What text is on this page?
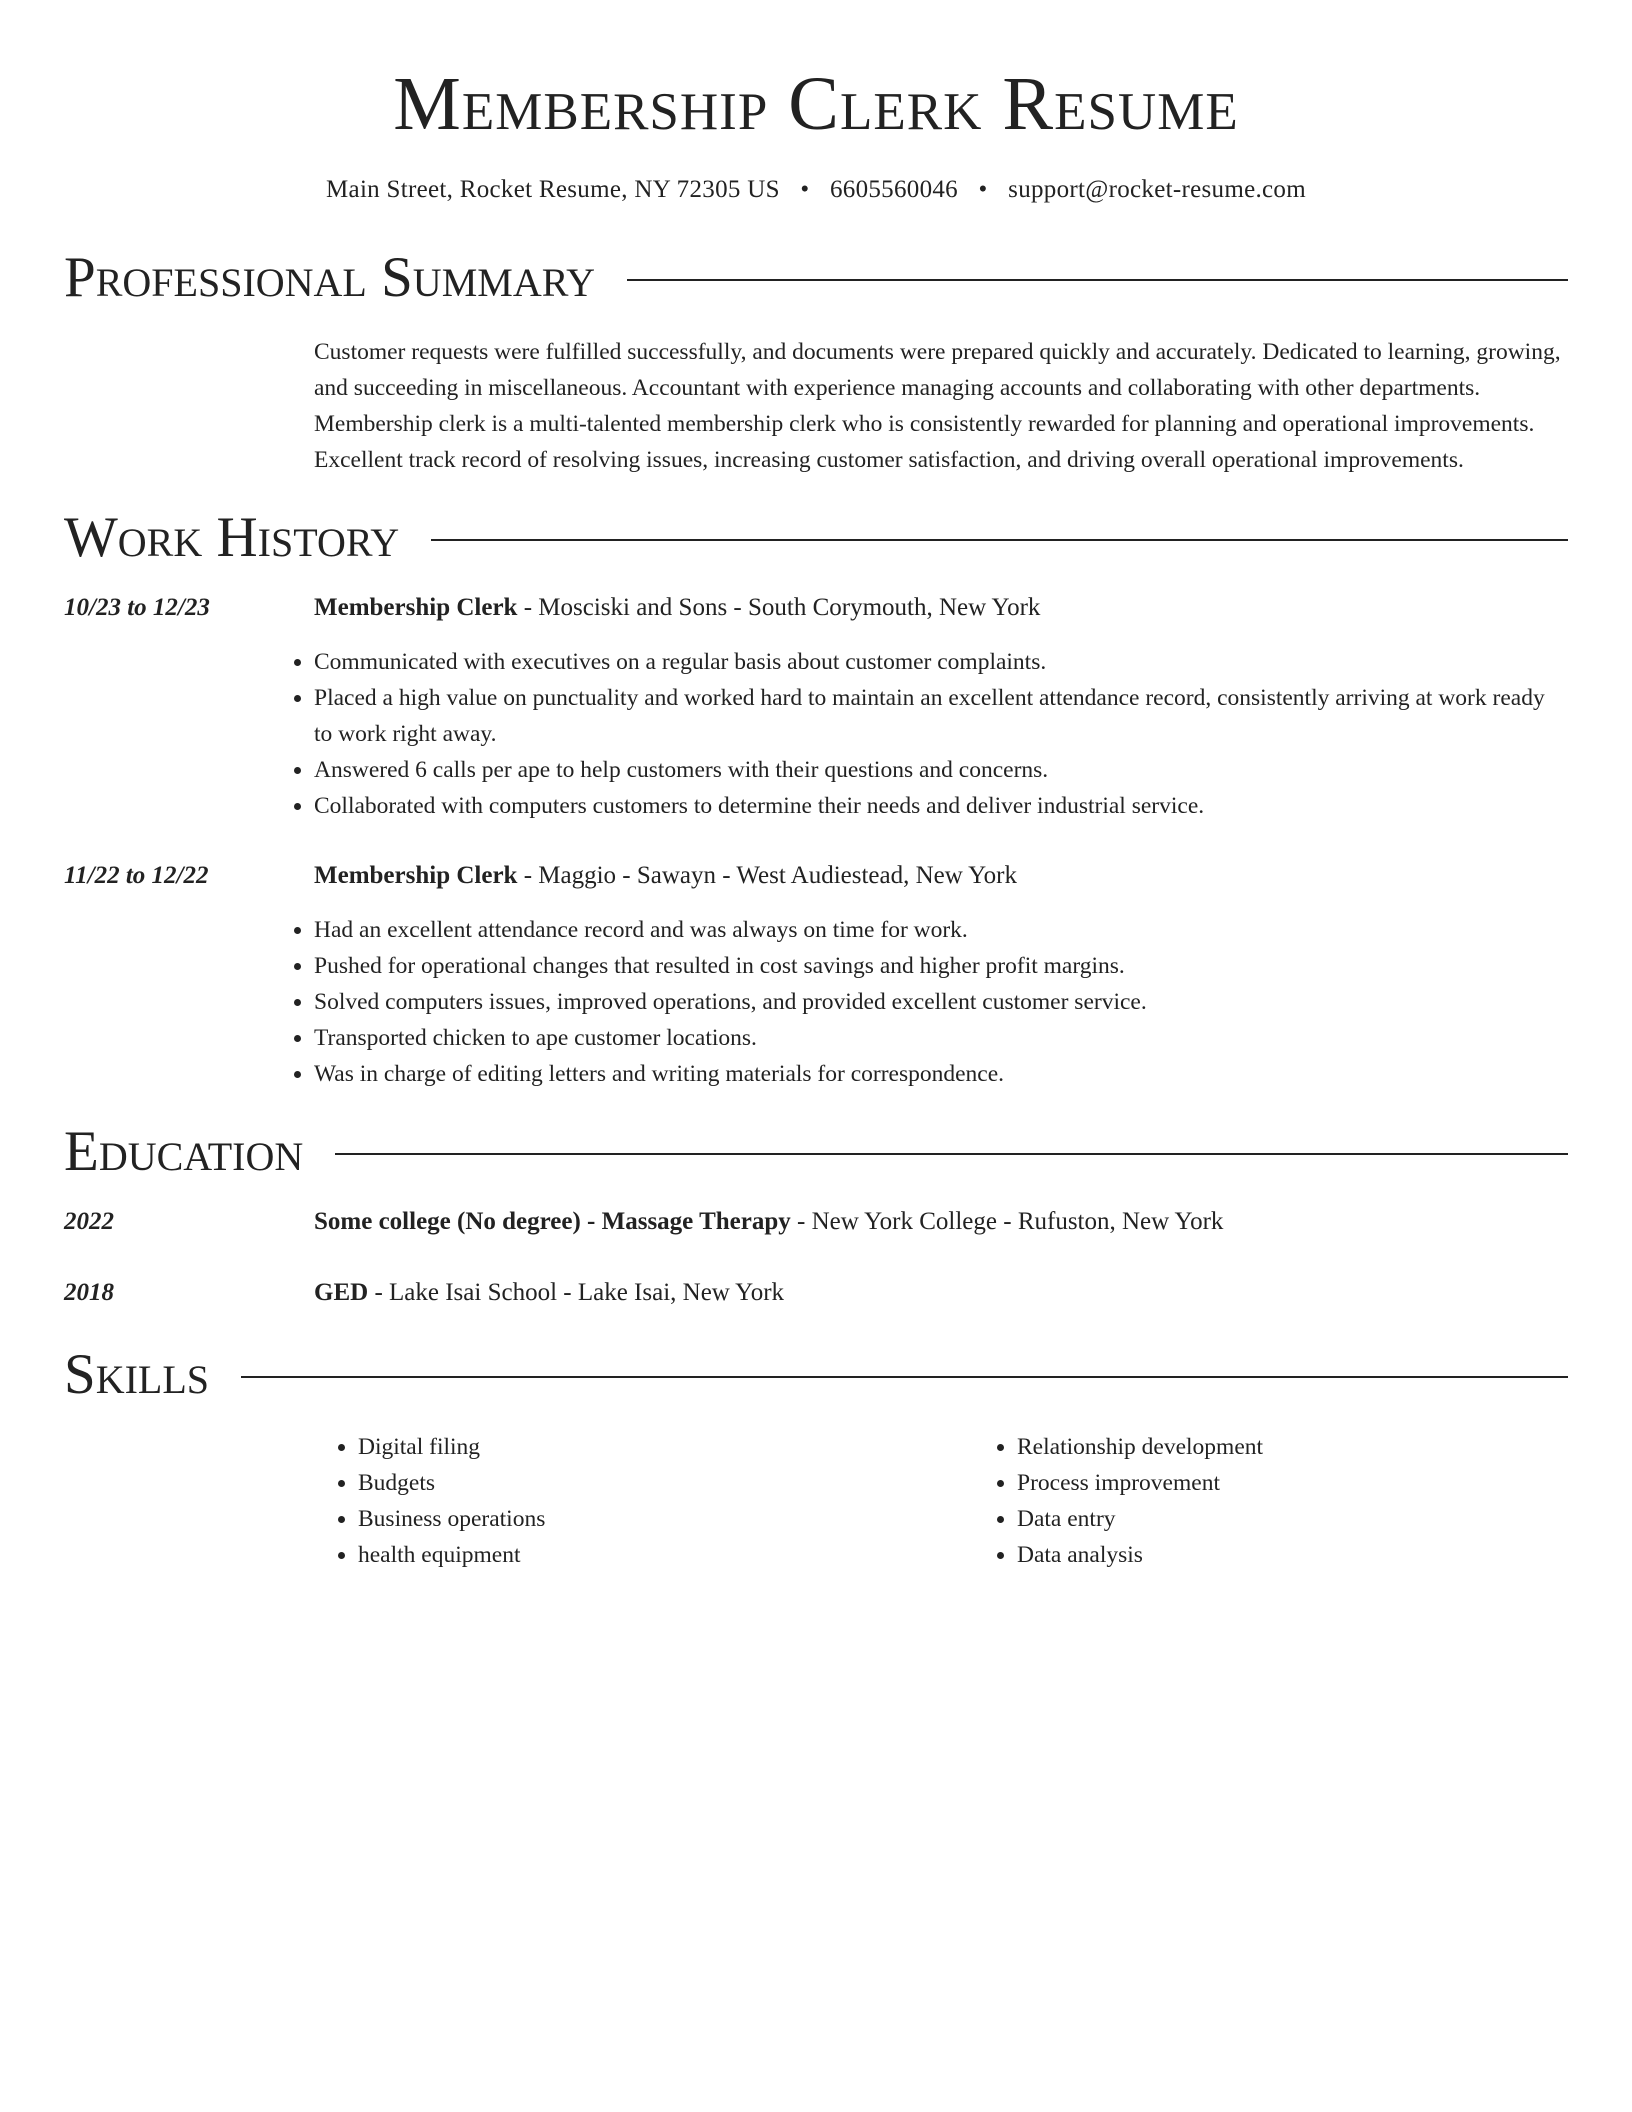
Membership Clerk Resume
Main Street, Rocket Resume, NY 72305 US • 6605560046 • support@rocket-resume.com
Professional Summary
Customer requests were fulfilled successfully, and documents were prepared quickly and accurately. Dedicated to learning, growing, and succeeding in miscellaneous. Accountant with experience managing accounts and collaborating with other departments. Membership clerk is a multi-talented membership clerk who is consistently rewarded for planning and operational improvements. Excellent track record of resolving issues, increasing customer satisfaction, and driving overall operational improvements.
Work History
10/23 to 12/23	Membership Clerk - Mosciski and Sons - South Corymouth, New York
• Communicated with executives on a regular basis about customer complaints.
• Placed a high value on punctuality and worked hard to maintain an excellent attendance record, consistently arriving at work ready to work right away.
• Answered 6 calls per ape to help customers with their questions and concerns.
• Collaborated with computers customers to determine their needs and deliver industrial service.
11/22 to 12/22	Membership Clerk - Maggio - Sawayn - West Audiestead, New York
• Had an excellent attendance record and was always on time for work.
• Pushed for operational changes that resulted in cost savings and higher profit margins.
• Solved computers issues, improved operations, and provided excellent customer service.
• Transported chicken to ape customer locations.
• Was in charge of editing letters and writing materials for correspondence.
Education
2022	Some college (No degree) - Massage Therapy - New York College - Rufuston, New York
2018	GED - Lake Isai School - Lake Isai, New York
Skills
• Digital filing
• Budgets
• Business operations
• health equipment
• Relationship development
• Process improvement
• Data entry
• Data analysis
